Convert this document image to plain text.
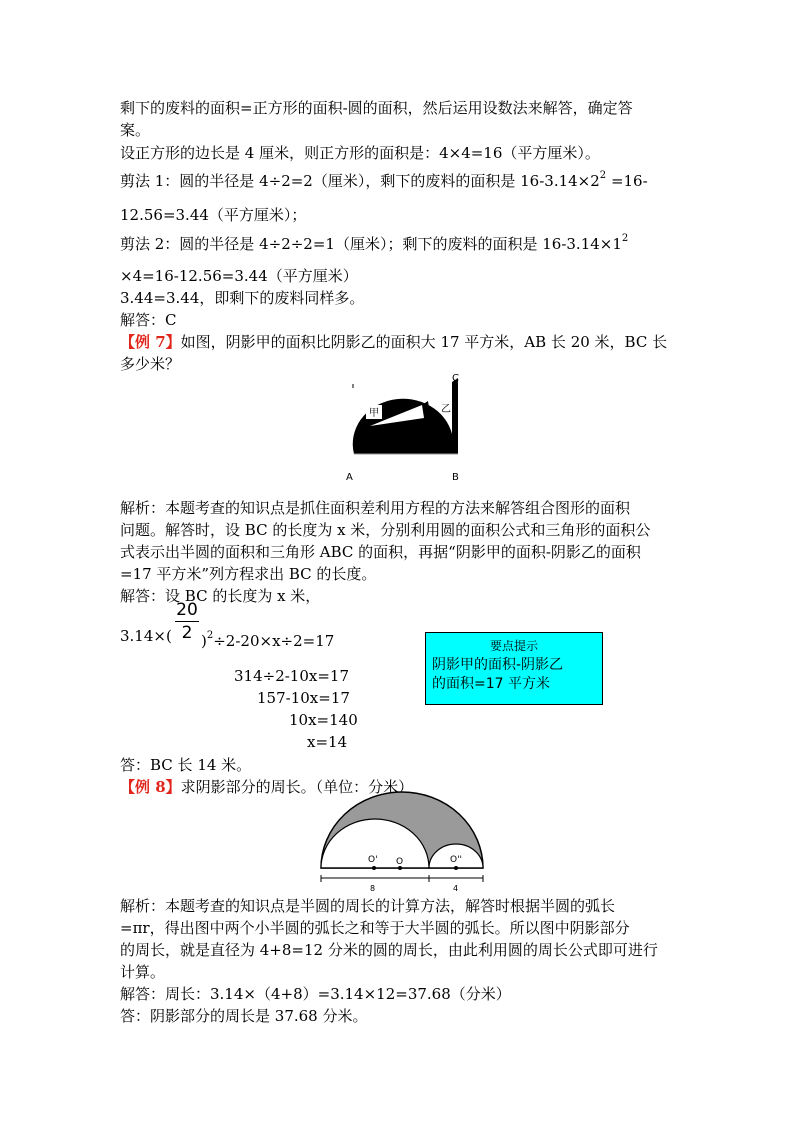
剩下的废料的面积=正方形的面积-圆的面积，然后运用设数法来解答，确定答
案。
设正方形的边长是 4 厘米，则正方形的面积是：4×4=16（平方厘米）。
剪法 1：圆的半径是 4÷2=2（厘米），剩下的废料的面积是 $16-3.14\times 2^2 =16-$
12.56=3.44（平方厘米）；
剪法 2：圆的半径是 4÷2÷2=1（厘米）；剩下的废料的面积是 $16-3.14\times 1^2$
×4=16-12.56=3.44（平方厘米）
3.44=3.44，即剩下的废料同样多。
解答：C
【例 7】如图，阴影甲的面积比阴影乙的面积大 17 平方米，AB 长 20 米，BC 长
多少米？
甲	乙
C
A	B
解析：本题考查的知识点是抓住面积差利用方程的方法来解答组合图形的面积
问题。解答时，设 BC 的长度为 x 米，分别利用圆的面积公式和三角形的面积公
式表示出半圆的面积和三角形 ABC 的面积，再据“阴影甲的面积-阴影乙的面积
=17 平方米”列方程求出 BC 的长度。
解答：设 BC 的长度为 x 米，
20
2
3.14×( )$^2$÷2-20×x÷2=17
314÷2-10x=17
157-10x=17
10x=140
x=14
要点提示
阴影甲的面积-阴影乙
的面积=17 平方米
答：BC 长 14 米。
【例 8】求阴影部分的周长。（单位：分米）
O' O	O''
8	4
解析：本题考查的知识点是半圆的周长的计算方法，解答时根据半圆的弧长
=πr，得出图中两个小半圆的弧长之和等于大半圆的弧长。所以图中阴影部分
的周长，就是直径为 4+8=12 分米的圆的周长，由此利用圆的周长公式即可进行
计算。
解答：周长：3.14×（4+8）=3.14×12=37.68（分米）
答：阴影部分的周长是 37.68 分米。
